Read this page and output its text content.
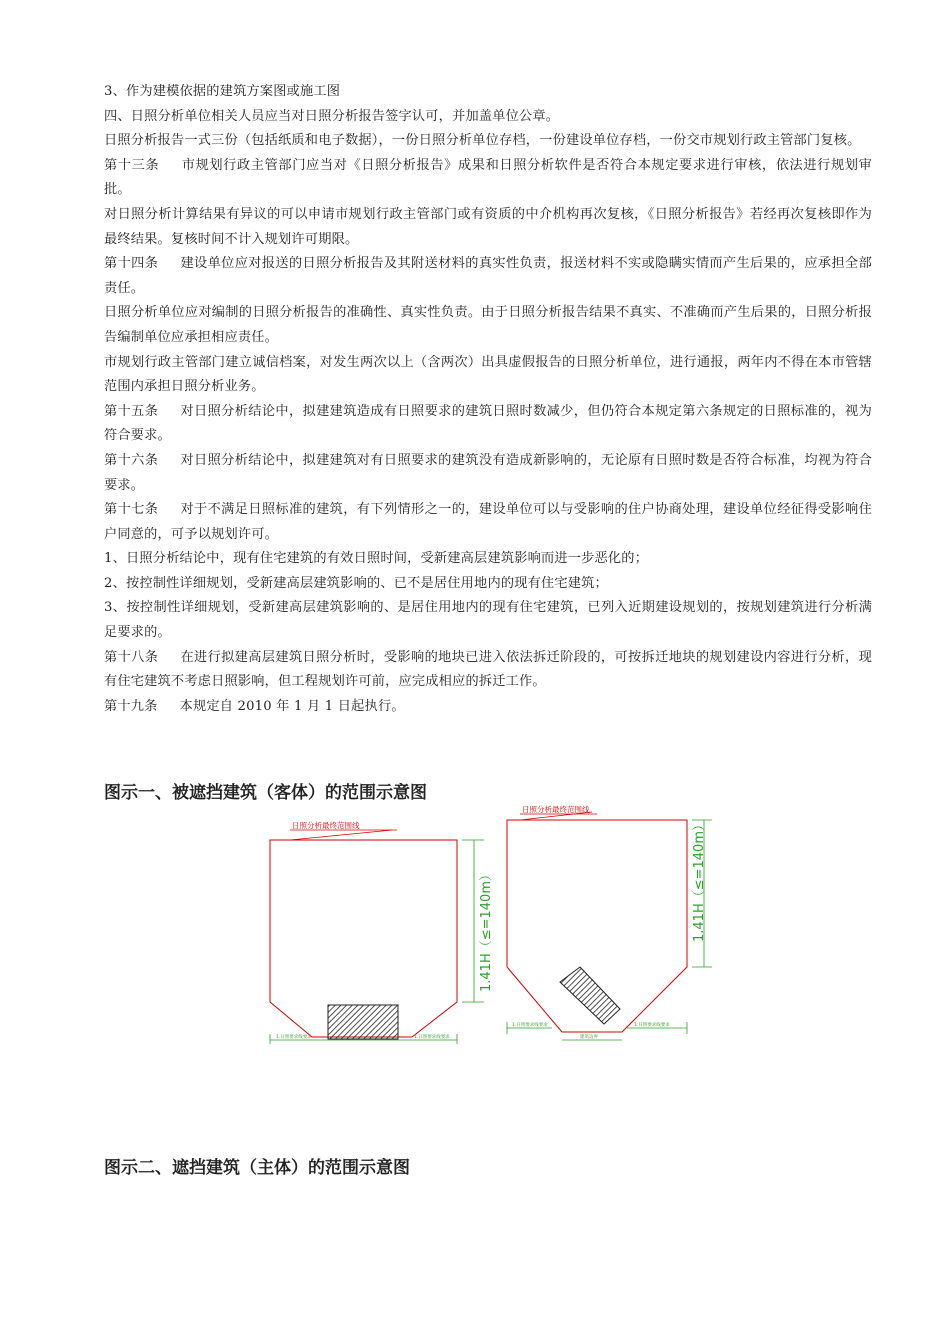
3、作为建模依据的建筑方案图或施工图

四、日照分析单位相关人员应当对日照分析报告签字认可，并加盖单位公章。

日照分析报告一式三份（包括纸质和电子数据），一份日照分析单位存档，一份建设单位存档，一份交市规划行政主管部门复核。

第十三条 市规划行政主管部门应当对《日照分析报告》成果和日照分析软件是否符合本规定要求进行审核，依法进行规划审批。

对日照分析计算结果有异议的可以申请市规划行政主管部门或有资质的中介机构再次复核，《日照分析报告》若经再次复核即作为最终结果。复核时间不计入规划许可期限。

第十四条 建设单位应对报送的日照分析报告及其附送材料的真实性负责，报送材料不实或隐瞒实情而产生后果的，应承担全部责任。

日照分析单位应对编制的日照分析报告的准确性、真实性负责。由于日照分析报告结果不真实、不准确而产生后果的，日照分析报告编制单位应承担相应责任。

市规划行政主管部门建立诚信档案，对发生两次以上（含两次）出具虚假报告的日照分析单位，进行通报，两年内不得在本市管辖范围内承担日照分析业务。

第十五条 对日照分析结论中，拟建建筑造成有日照要求的建筑日照时数减少，但仍符合本规定第六条规定的日照标准的，视为符合要求。

第十六条 对日照分析结论中，拟建建筑对有日照要求的建筑没有造成新影响的，无论原有日照时数是否符合标准，均视为符合要求。

第十七条 对于不满足日照标准的建筑，有下列情形之一的，建设单位可以与受影响的住户协商处理，建设单位经征得受影响住户同意的，可予以规划许可。

1、日照分析结论中，现有住宅建筑的有效日照时间，受新建高层建筑影响而进一步恶化的；

2、按控制性详细规划，受新建高层建筑影响的、已不是居住用地内的现有住宅建筑；

3、按控制性详细规划，受新建高层建筑影响的、是居住用地内的现有住宅建筑，已列入近期建设规划的，按规划建筑进行分析满足要求的。

第十八条 在进行拟建高层建筑日照分析时，受影响的地块已进入依法拆迁阶段的，可按拆迁地块的规划建设内容进行分析，现有住宅建筑不考虑日照影响，但工程规划许可前，应完成相应的拆迁工作。

第十九条 本规定自 2010 年 1 月 1 日起执行。

图示一、被遮挡建筑（客体）的范围示意图
日照分析最终范围线
1.41H（≤=140m）
1.日照要求线要求	1.日照要求线要求
日照分析最终范围线
1.41H（≤=140m）
1.日照要求线要求	1.日照要求线要求
建筑边界
图示二、遮挡建筑（主体）的范围示意图
